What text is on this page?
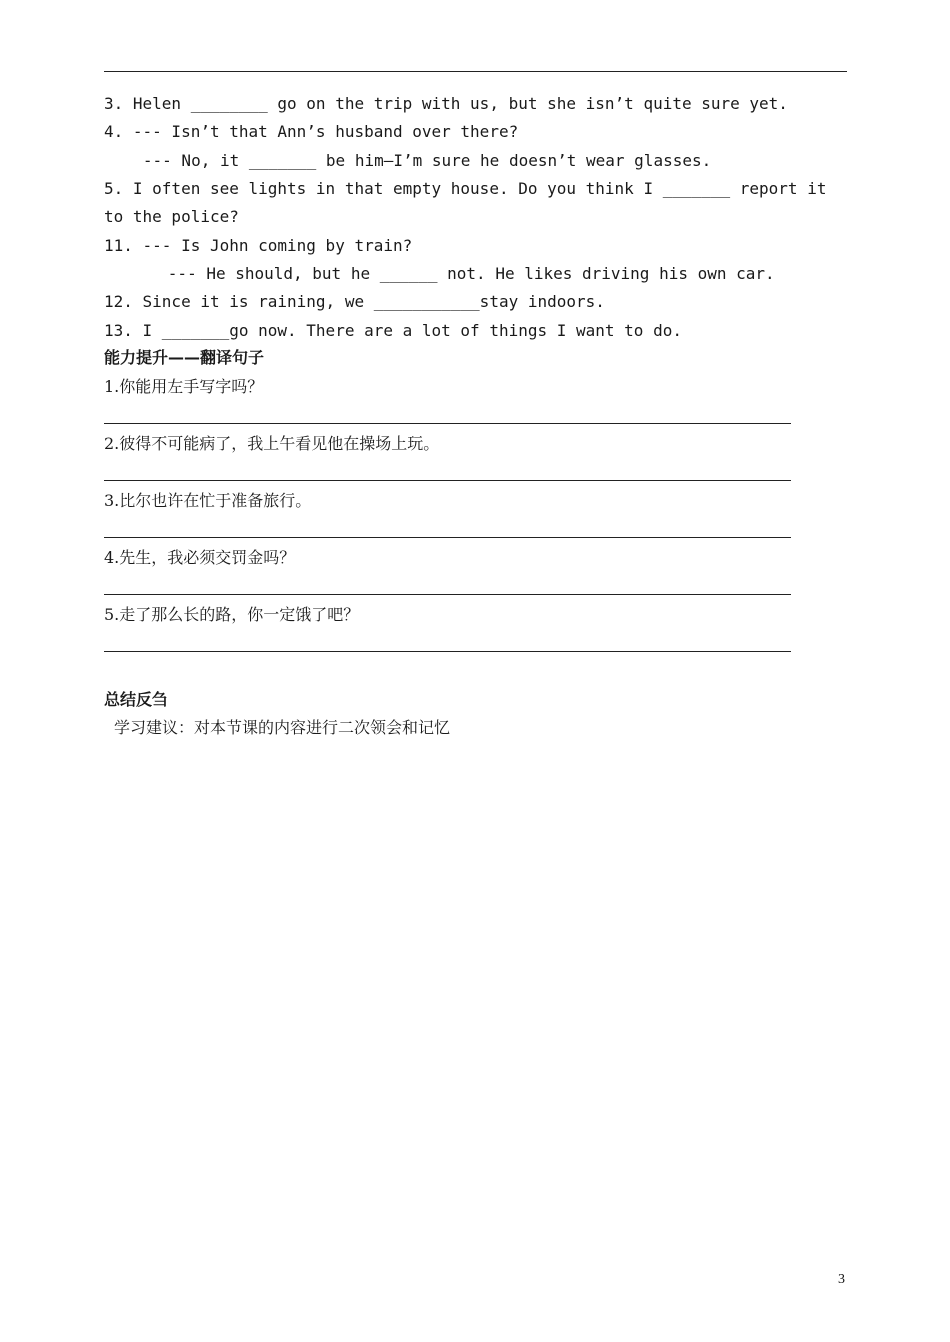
3. Helen ________ go on the trip with us, but she isn’t quite sure yet.
4. --- Isn’t that Ann’s husband over there?
--- No, it _______ be him—I’m sure he doesn’t wear glasses.
5. I often see lights in that empty house. Do you think I _______ report it
to the police?
11. --- Is John coming by train?
--- He should, but he ______ not. He likes driving his own car.
12. Since it is raining, we ___________stay indoors.
13. I _______go now. There are a lot of things I want to do.
能力提升——翻译句子
1.你能用左手写字吗？
2.彼得不可能病了，我上午看见他在操场上玩。
3.比尔也许在忙于准备旅行。
4.先生，我必须交罚金吗？
5.走了那么长的路，你一定饿了吧？
总结反刍
学习建议：对本节课的内容进行二次领会和记忆
3
